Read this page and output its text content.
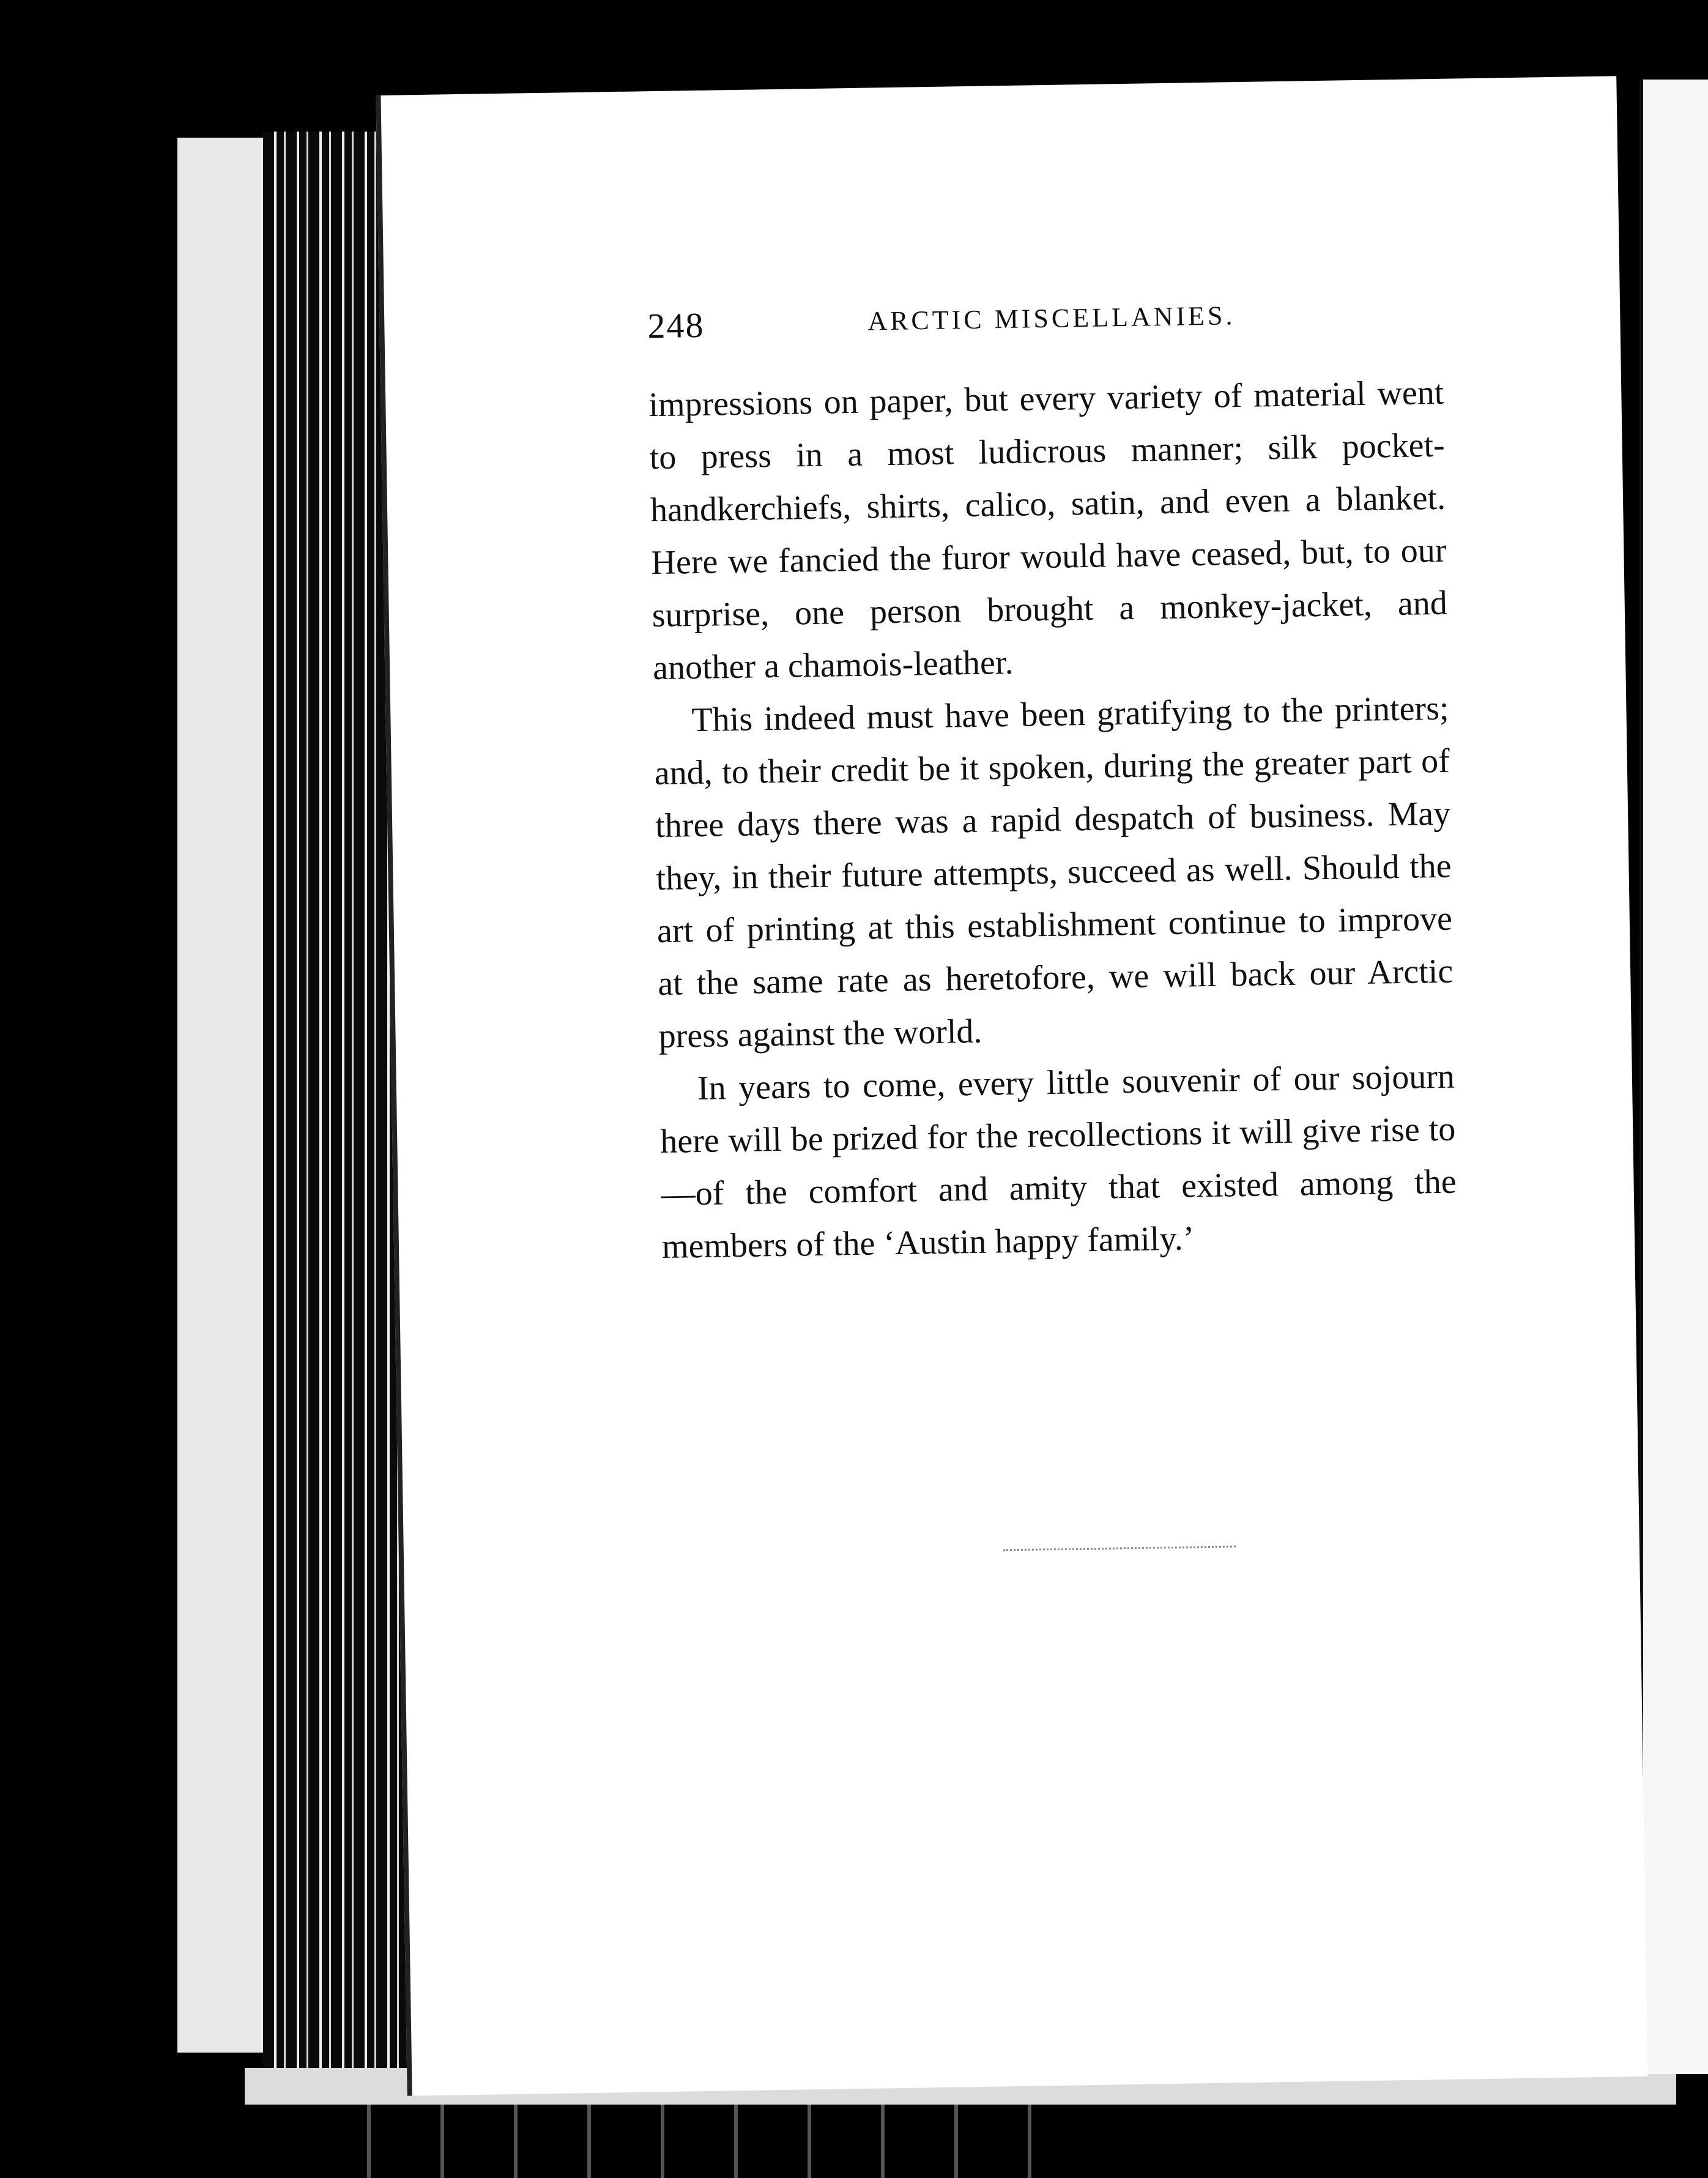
248	ARCTIC MISCELLANIES.

impressions on paper, but every variety of material went to press in a most ludicrous manner; silk pocket-handkerchiefs, shirts, calico, satin, and even a blanket. Here we fancied the furor would have ceased, but, to our surprise, one person brought a monkey-jacket, and another a chamois-leather.

This indeed must have been gratifying to the printers; and, to their credit be it spoken, during the greater part of three days there was a rapid despatch of business. May they, in their future attempts, succeed as well. Should the art of printing at this establishment continue to improve at the same rate as heretofore, we will back our Arctic press against the world.

In years to come, every little souvenir of our sojourn here will be prized for the recollections it will give rise to—of the comfort and amity that existed among the members of the ‘Austin happy family.’
